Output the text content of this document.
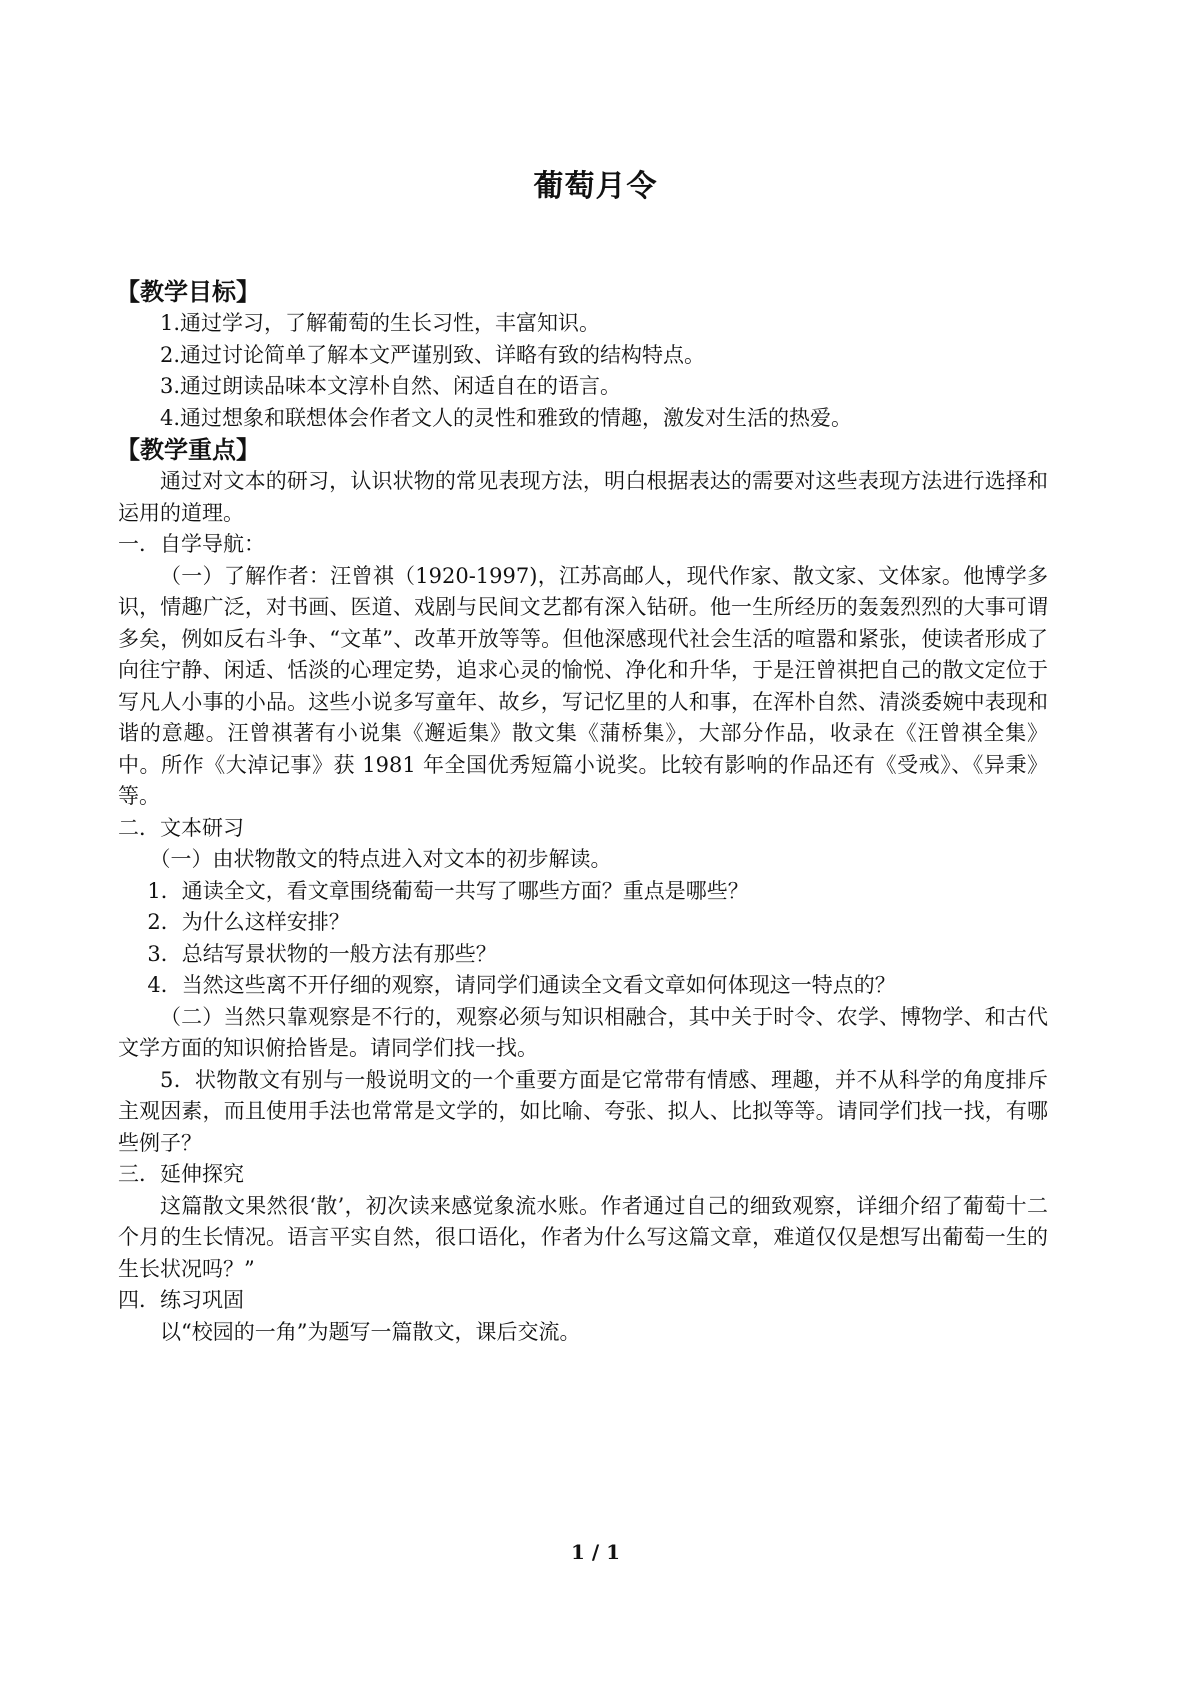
葡萄月令
【教学目标】

1.通过学习，了解葡萄的生长习性，丰富知识。

2.通过讨论简单了解本文严谨别致、详略有致的结构特点。

3.通过朗读品味本文淳朴自然、闲适自在的语言。

4.通过想象和联想体会作者文人的灵性和雅致的情趣，激发对生活的热爱。

【教学重点】

通过对文本的研习，认识状物的常见表现方法，明白根据表达的需要对这些表现方法进行选择和运用的道理。

一．自学导航：

（一）了解作者：汪曾祺（1920-1997)，江苏高邮人，现代作家、散文家、文体家。他博学多识，情趣广泛，对书画、医道、戏剧与民间文艺都有深入钻研。他一生所经历的轰轰烈烈的大事可谓多矣，例如反右斗争、“文革”、改革开放等等。但他深感现代社会生活的喧嚣和紧张，使读者形成了向往宁静、闲适、恬淡的心理定势，追求心灵的愉悦、净化和升华，于是汪曾祺把自己的散文定位于写凡人小事的小品。这些小说多写童年、故乡，写记忆里的人和事，在浑朴自然、清淡委婉中表现和谐的意趣。汪曾祺著有小说集《邂逅集》散文集《蒲桥集》，大部分作品，收录在《汪曾祺全集》中。所作《大淖记事》获 1981 年全国优秀短篇小说奖。比较有影响的作品还有《受戒》、《异秉》等。

二．文本研习

（一）由状物散文的特点进入对文本的初步解读。

1．通读全文，看文章围绕葡萄一共写了哪些方面？重点是哪些？

2．为什么这样安排？

3．总结写景状物的一般方法有那些？

4．当然这些离不开仔细的观察，请同学们通读全文看文章如何体现这一特点的？

（二）当然只靠观察是不行的，观察必须与知识相融合，其中关于时令、农学、博物学、和古代文学方面的知识俯拾皆是。请同学们找一找。

5．状物散文有别与一般说明文的一个重要方面是它常带有情感、理趣，并不从科学的角度排斥主观因素，而且使用手法也常常是文学的，如比喻、夸张、拟人、比拟等等。请同学们找一找，有哪些例子？

三．延伸探究

这篇散文果然很‘散’，初次读来感觉象流水账。作者通过自己的细致观察，详细介绍了葡萄十二个月的生长情况。语言平实自然，很口语化，作者为什么写这篇文章，难道仅仅是想写出葡萄一生的生长状况吗？”

四．练习巩固

以“校园的一角”为题写一篇散文，课后交流。

1 / 1
